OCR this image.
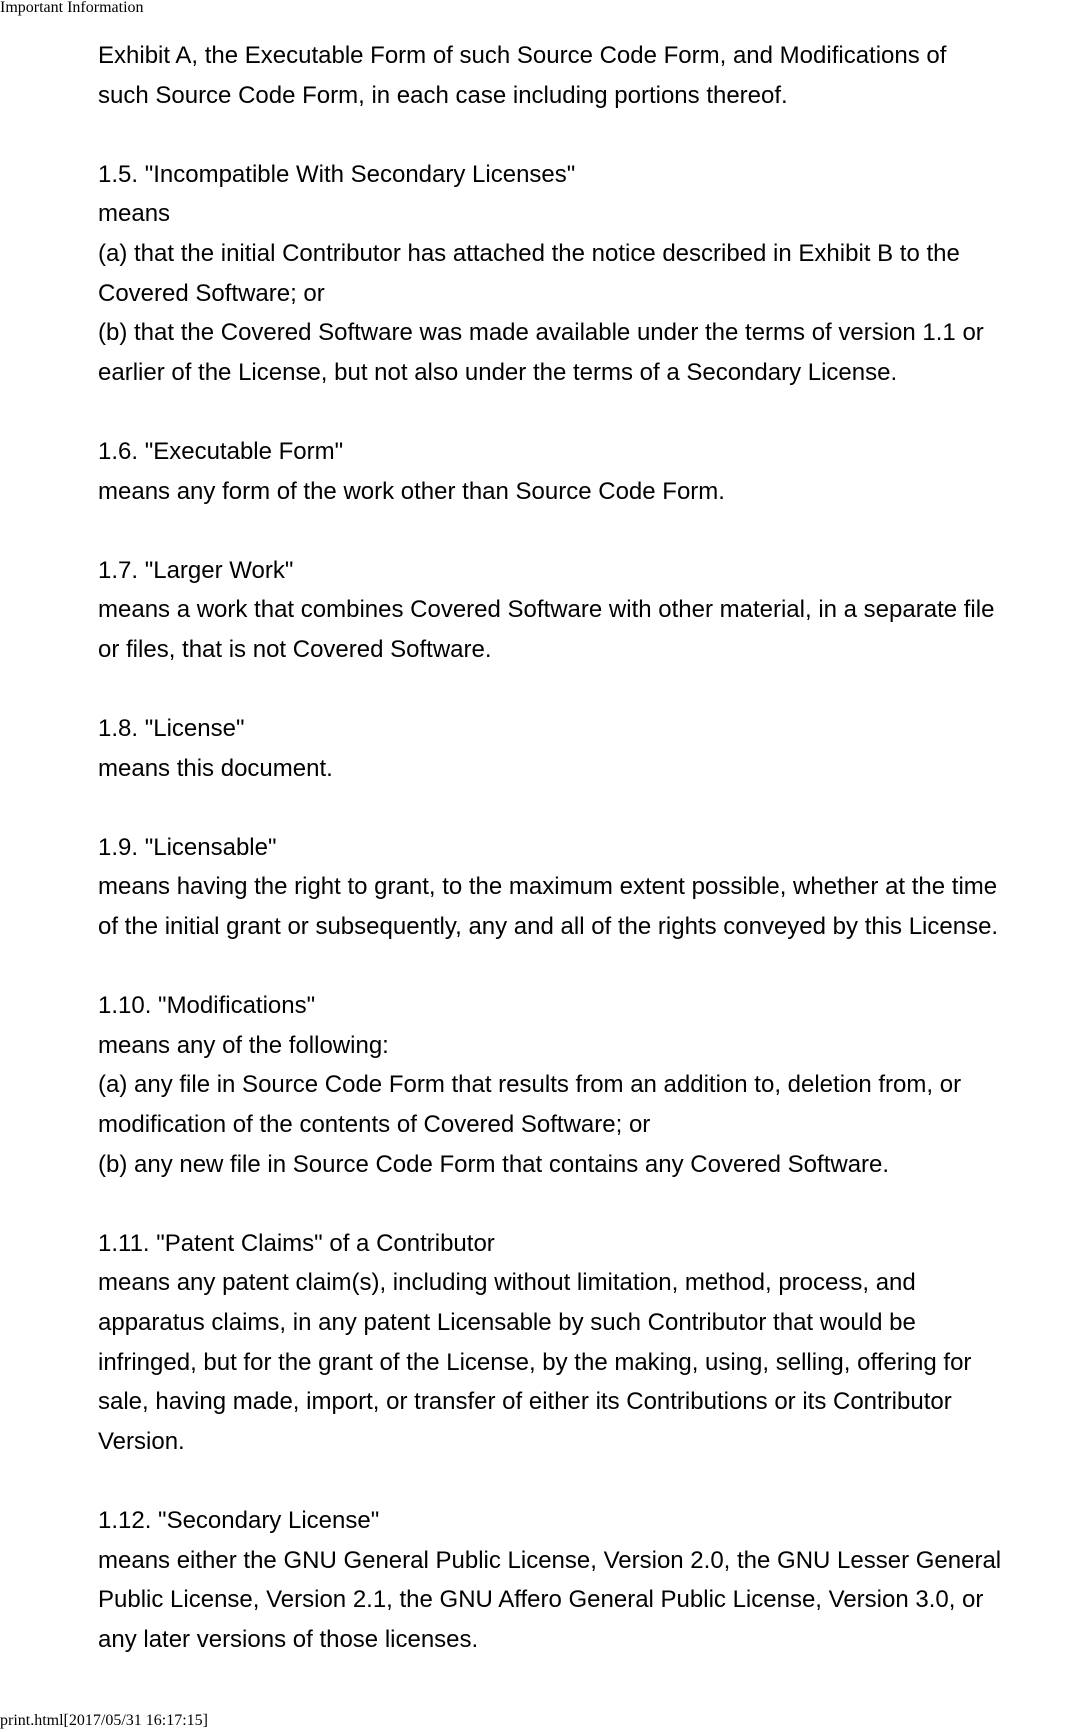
Important Information
Exhibit A, the Executable Form of such Source Code Form, and Modifications of
such Source Code Form, in each case including portions thereof.
1.5. "Incompatible With Secondary Licenses"
means
(a) that the initial Contributor has attached the notice described in Exhibit B to the
Covered Software; or
(b) that the Covered Software was made available under the terms of version 1.1 or
earlier of the License, but not also under the terms of a Secondary License.
1.6. "Executable Form"
means any form of the work other than Source Code Form.
1.7. "Larger Work"
means a work that combines Covered Software with other material, in a separate file
or files, that is not Covered Software.
1.8. "License"
means this document.
1.9. "Licensable"
means having the right to grant, to the maximum extent possible, whether at the time
of the initial grant or subsequently, any and all of the rights conveyed by this License.
1.10. "Modifications"
means any of the following:
(a) any file in Source Code Form that results from an addition to, deletion from, or
modification of the contents of Covered Software; or
(b) any new file in Source Code Form that contains any Covered Software.
1.11. "Patent Claims" of a Contributor
means any patent claim(s), including without limitation, method, process, and
apparatus claims, in any patent Licensable by such Contributor that would be
infringed, but for the grant of the License, by the making, using, selling, offering for
sale, having made, import, or transfer of either its Contributions or its Contributor
Version.
1.12. "Secondary License"
means either the GNU General Public License, Version 2.0, the GNU Lesser General
Public License, Version 2.1, the GNU Affero General Public License, Version 3.0, or
any later versions of those licenses.
print.html[2017/05/31 16:17:15]
